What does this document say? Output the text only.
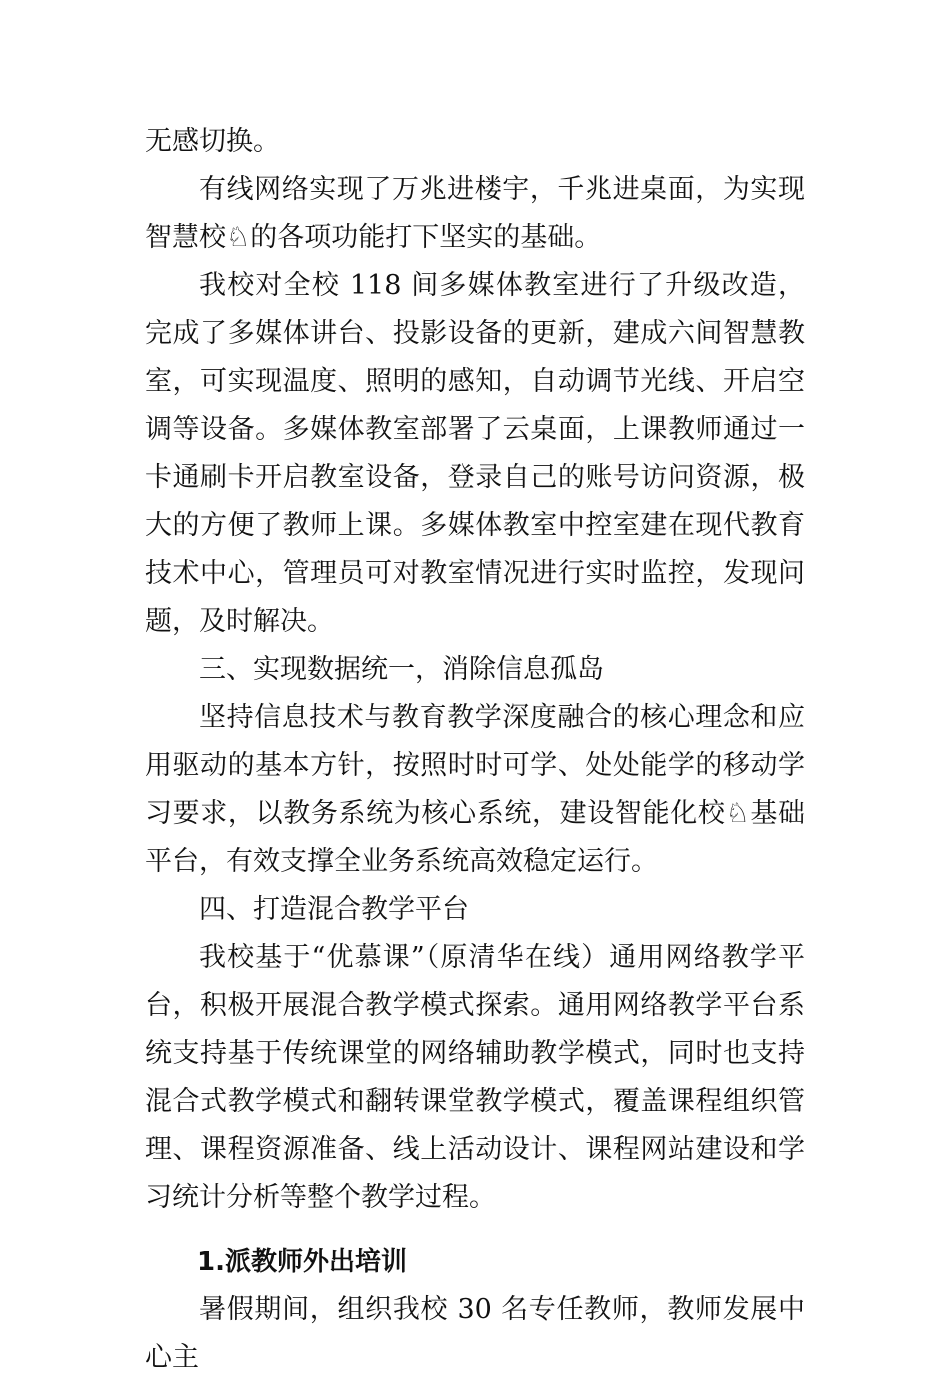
无感切换。

有线网络实现了万兆进楼宇，千兆进桌面，为实现智慧校♘的各项功能打下坚实的基础。

我校对全校 118 间多媒体教室进行了升级改造，完成了多媒体讲台、投影设备的更新，建成六间智慧教室，可实现温度、照明的感知，自动调节光线、开启空调等设备。多媒体教室部署了云桌面，上课教师通过一卡通刷卡开启教室设备，登录自己的账号访问资源，极大的方便了教师上课。多媒体教室中控室建在现代教育技术中心，管理员可对教室情况进行实时监控，发现问题，及时解决。

三、实现数据统一，消除信息孤岛

坚持信息技术与教育教学深度融合的核心理念和应用驱动的基本方针，按照时时可学、处处能学的移动学习要求，以教务系统为核心系统，建设智能化校♘基础平台，有效支撑全业务系统高效稳定运行。

四、打造混合教学平台

我校基于“优慕课”（原清华在线）通用网络教学平台，积极开展混合教学模式探索。通用网络教学平台系统支持基于传统课堂的网络辅助教学模式，同时也支持混合式教学模式和翻转课堂教学模式，覆盖课程组织管理、课程资源准备、线上活动设计、课程网站建设和学习统计分析等整个教学过程。

1.派教师外出培训

暑假期间，组织我校 30 名专任教师，教师发展中心主
